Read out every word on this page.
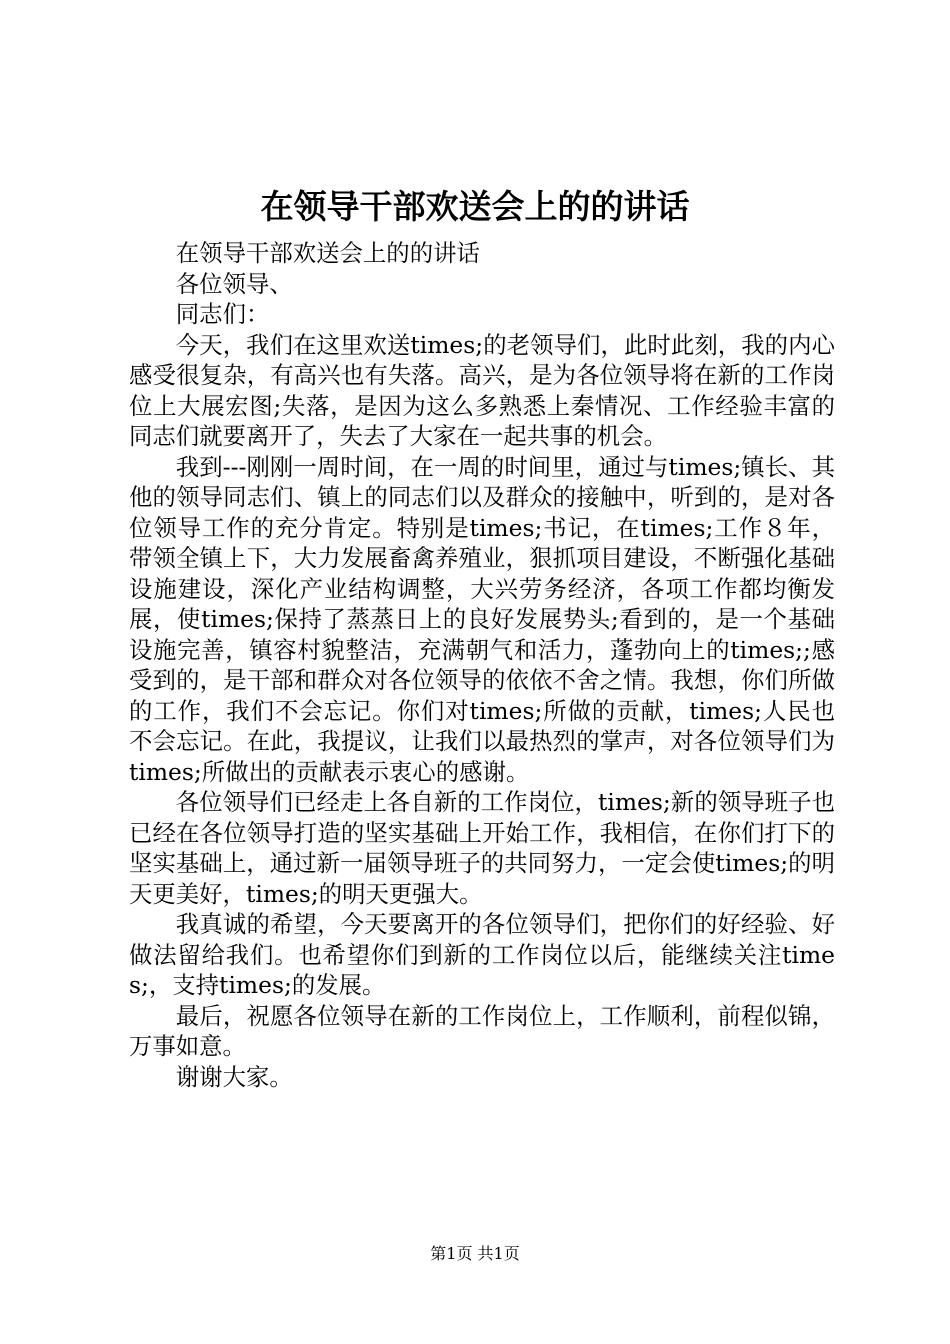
在领导干部欢送会上的的讲话

在领导干部欢送会上的的讲话

各位领导、

同志们：

今天，我们在这里欢送times;的老领导们，此时此刻，我的内心感受很复杂，有高兴也有失落。高兴，是为各位领导将在新的工作岗位上大展宏图;失落，是因为这么多熟悉上秦情况、工作经验丰富的同志们就要离开了，失去了大家在一起共事的机会。

我到---刚刚一周时间，在一周的时间里，通过与times;镇长、其他的领导同志们、镇上的同志们以及群众的接触中，听到的，是对各位领导工作的充分肯定。特别是times;书记，在times;工作８年，带领全镇上下，大力发展畜禽养殖业，狠抓项目建设，不断强化基础设施建设，深化产业结构调整，大兴劳务经济，各项工作都均衡发展，使times;保持了蒸蒸日上的良好发展势头;看到的，是一个基础设施完善，镇容村貌整洁，充满朝气和活力，蓬勃向上的times;;感受到的，是干部和群众对各位领导的依依不舍之情。我想，你们所做的工作，我们不会忘记。你们对times;所做的贡献，times;人民也不会忘记。在此，我提议，让我们以最热烈的掌声，对各位领导们为times;所做出的贡献表示衷心的感谢。

各位领导们已经走上各自新的工作岗位，times;新的领导班子也已经在各位领导打造的坚实基础上开始工作，我相信，在你们打下的坚实基础上，通过新一届领导班子的共同努力，一定会使times;的明天更美好，times;的明天更强大。

我真诚的希望，今天要离开的各位领导们，把你们的好经验、好做法留给我们。也希望你们到新的工作岗位以后，能继续关注times;，支持times;的发展。

最后，祝愿各位领导在新的工作岗位上，工作顺利，前程似锦，万事如意。

谢谢大家。

第1页 共1页
